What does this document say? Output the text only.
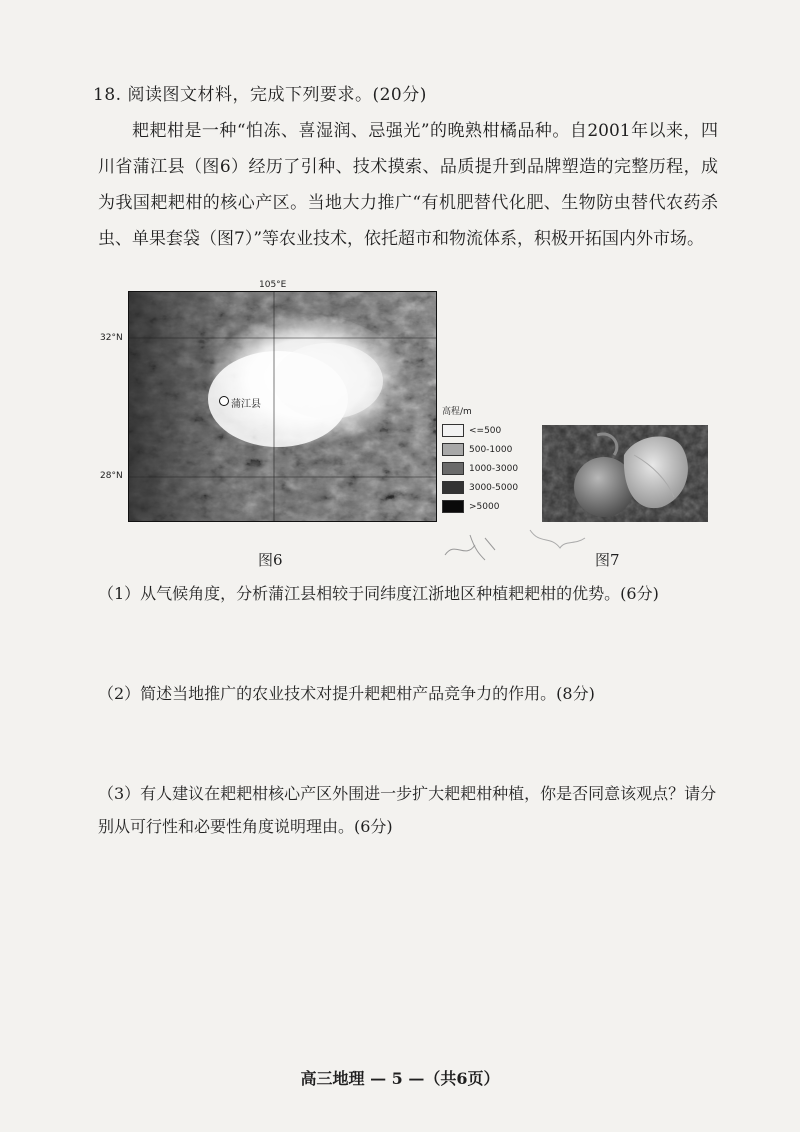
18. 阅读图文材料，完成下列要求。(20分)
耙耙柑是一种“怕冻、喜湿润、忌强光”的晚熟柑橘品种。自2001年以来，四川省蒲江县（图6）经历了引种、技术摸索、品质提升到品牌塑造的完整历程，成为我国耙耙柑的核心产区。当地大力推广“有机肥替代化肥、生物防虫替代农药杀虫、单果套袋（图7）”等农业技术，依托超市和物流体系，积极开拓国内外市场。
105°E
32°N
28°N
蒲江县
高程/m
<=500
500-1000
1000-3000
3000-5000
>5000
图6	图7
（1）从气候角度，分析蒲江县相较于同纬度江浙地区种植耙耙柑的优势。(6分)
（2）简述当地推广的农业技术对提升耙耙柑产品竞争力的作用。(8分)
（3）有人建议在耙耙柑核心产区外围进一步扩大耙耙柑种植，你是否同意该观点？请分别从可行性和必要性角度说明理由。(6分)
高三地理 — 5 —（共6页）
